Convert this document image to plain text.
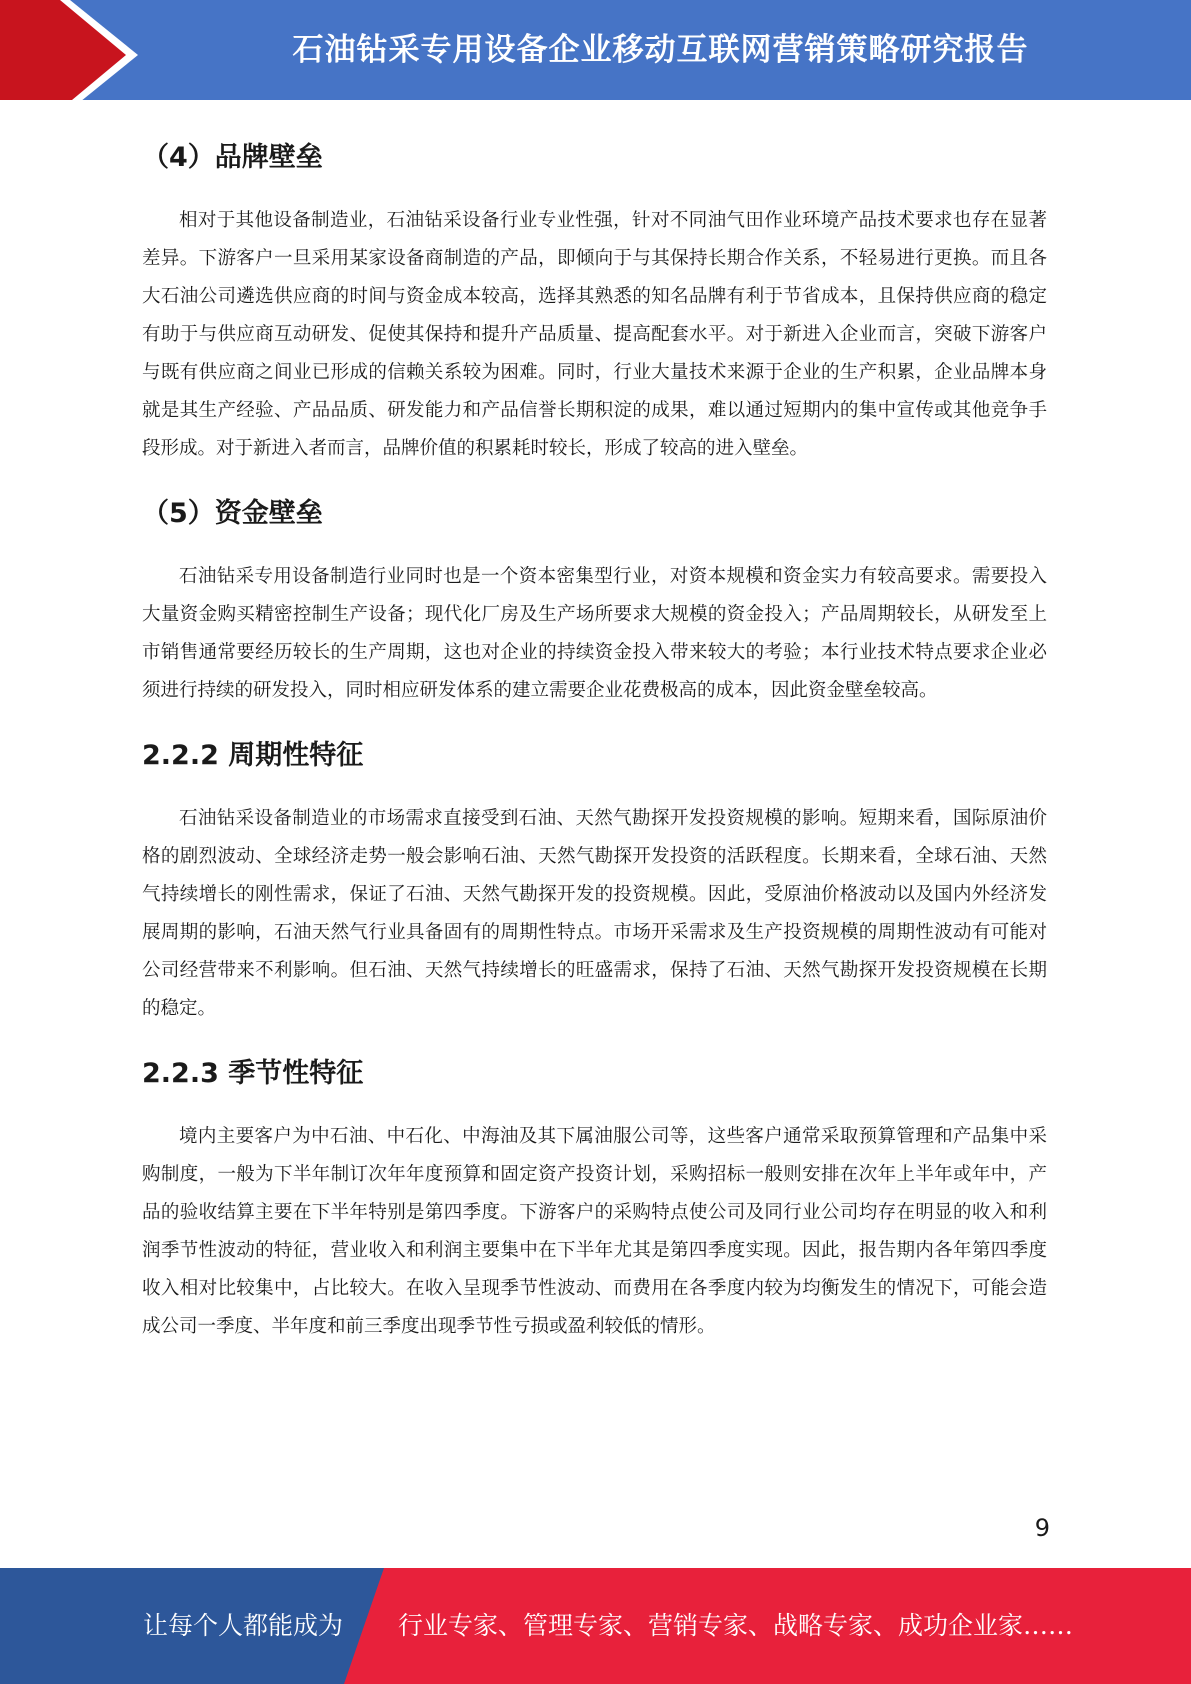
石油钻采专用设备企业移动互联网营销策略研究报告
（4）品牌壁垒

相对于其他设备制造业，石油钻采设备行业专业性强，针对不同油气田作业环境产品技术要求也存在显著差异。下游客户一旦采用某家设备商制造的产品，即倾向于与其保持长期合作关系，不轻易进行更换。而且各大石油公司遴选供应商的时间与资金成本较高，选择其熟悉的知名品牌有利于节省成本，且保持供应商的稳定有助于与供应商互动研发、促使其保持和提升产品质量、提高配套水平。对于新进入企业而言，突破下游客户与既有供应商之间业已形成的信赖关系较为困难。同时，行业大量技术来源于企业的生产积累，企业品牌本身就是其生产经验、产品品质、研发能力和产品信誉长期积淀的成果，难以通过短期内的集中宣传或其他竞争手段形成。对于新进入者而言，品牌价值的积累耗时较长，形成了较高的进入壁垒。

（5）资金壁垒

石油钻采专用设备制造行业同时也是一个资本密集型行业，对资本规模和资金实力有较高要求。需要投入大量资金购买精密控制生产设备；现代化厂房及生产场所要求大规模的资金投入；产品周期较长，从研发至上市销售通常要经历较长的生产周期，这也对企业的持续资金投入带来较大的考验；本行业技术特点要求企业必须进行持续的研发投入，同时相应研发体系的建立需要企业花费极高的成本，因此资金壁垒较高。

2.2.2 周期性特征

石油钻采设备制造业的市场需求直接受到石油、天然气勘探开发投资规模的影响。短期来看，国际原油价格的剧烈波动、全球经济走势一般会影响石油、天然气勘探开发投资的活跃程度。长期来看，全球石油、天然气持续增长的刚性需求，保证了石油、天然气勘探开发的投资规模。因此，受原油价格波动以及国内外经济发展周期的影响，石油天然气行业具备固有的周期性特点。市场开采需求及生产投资规模的周期性波动有可能对公司经营带来不利影响。但石油、天然气持续增长的旺盛需求，保持了石油、天然气勘探开发投资规模在长期的稳定。

2.2.3 季节性特征

境内主要客户为中石油、中石化、中海油及其下属油服公司等，这些客户通常采取预算管理和产品集中采购制度，一般为下半年制订次年年度预算和固定资产投资计划，采购招标一般则安排在次年上半年或年中，产品的验收结算主要在下半年特别是第四季度。下游客户的采购特点使公司及同行业公司均存在明显的收入和利润季节性波动的特征，营业收入和利润主要集中在下半年尤其是第四季度实现。因此，报告期内各年第四季度收入相对比较集中，占比较大。在收入呈现季节性波动、而费用在各季度内较为均衡发生的情况下，可能会造成公司一季度、半年度和前三季度出现季节性亏损或盈利较低的情形。

9
让每个人都能成为 行业专家、管理专家、营销专家、战略专家、成功企业家……
